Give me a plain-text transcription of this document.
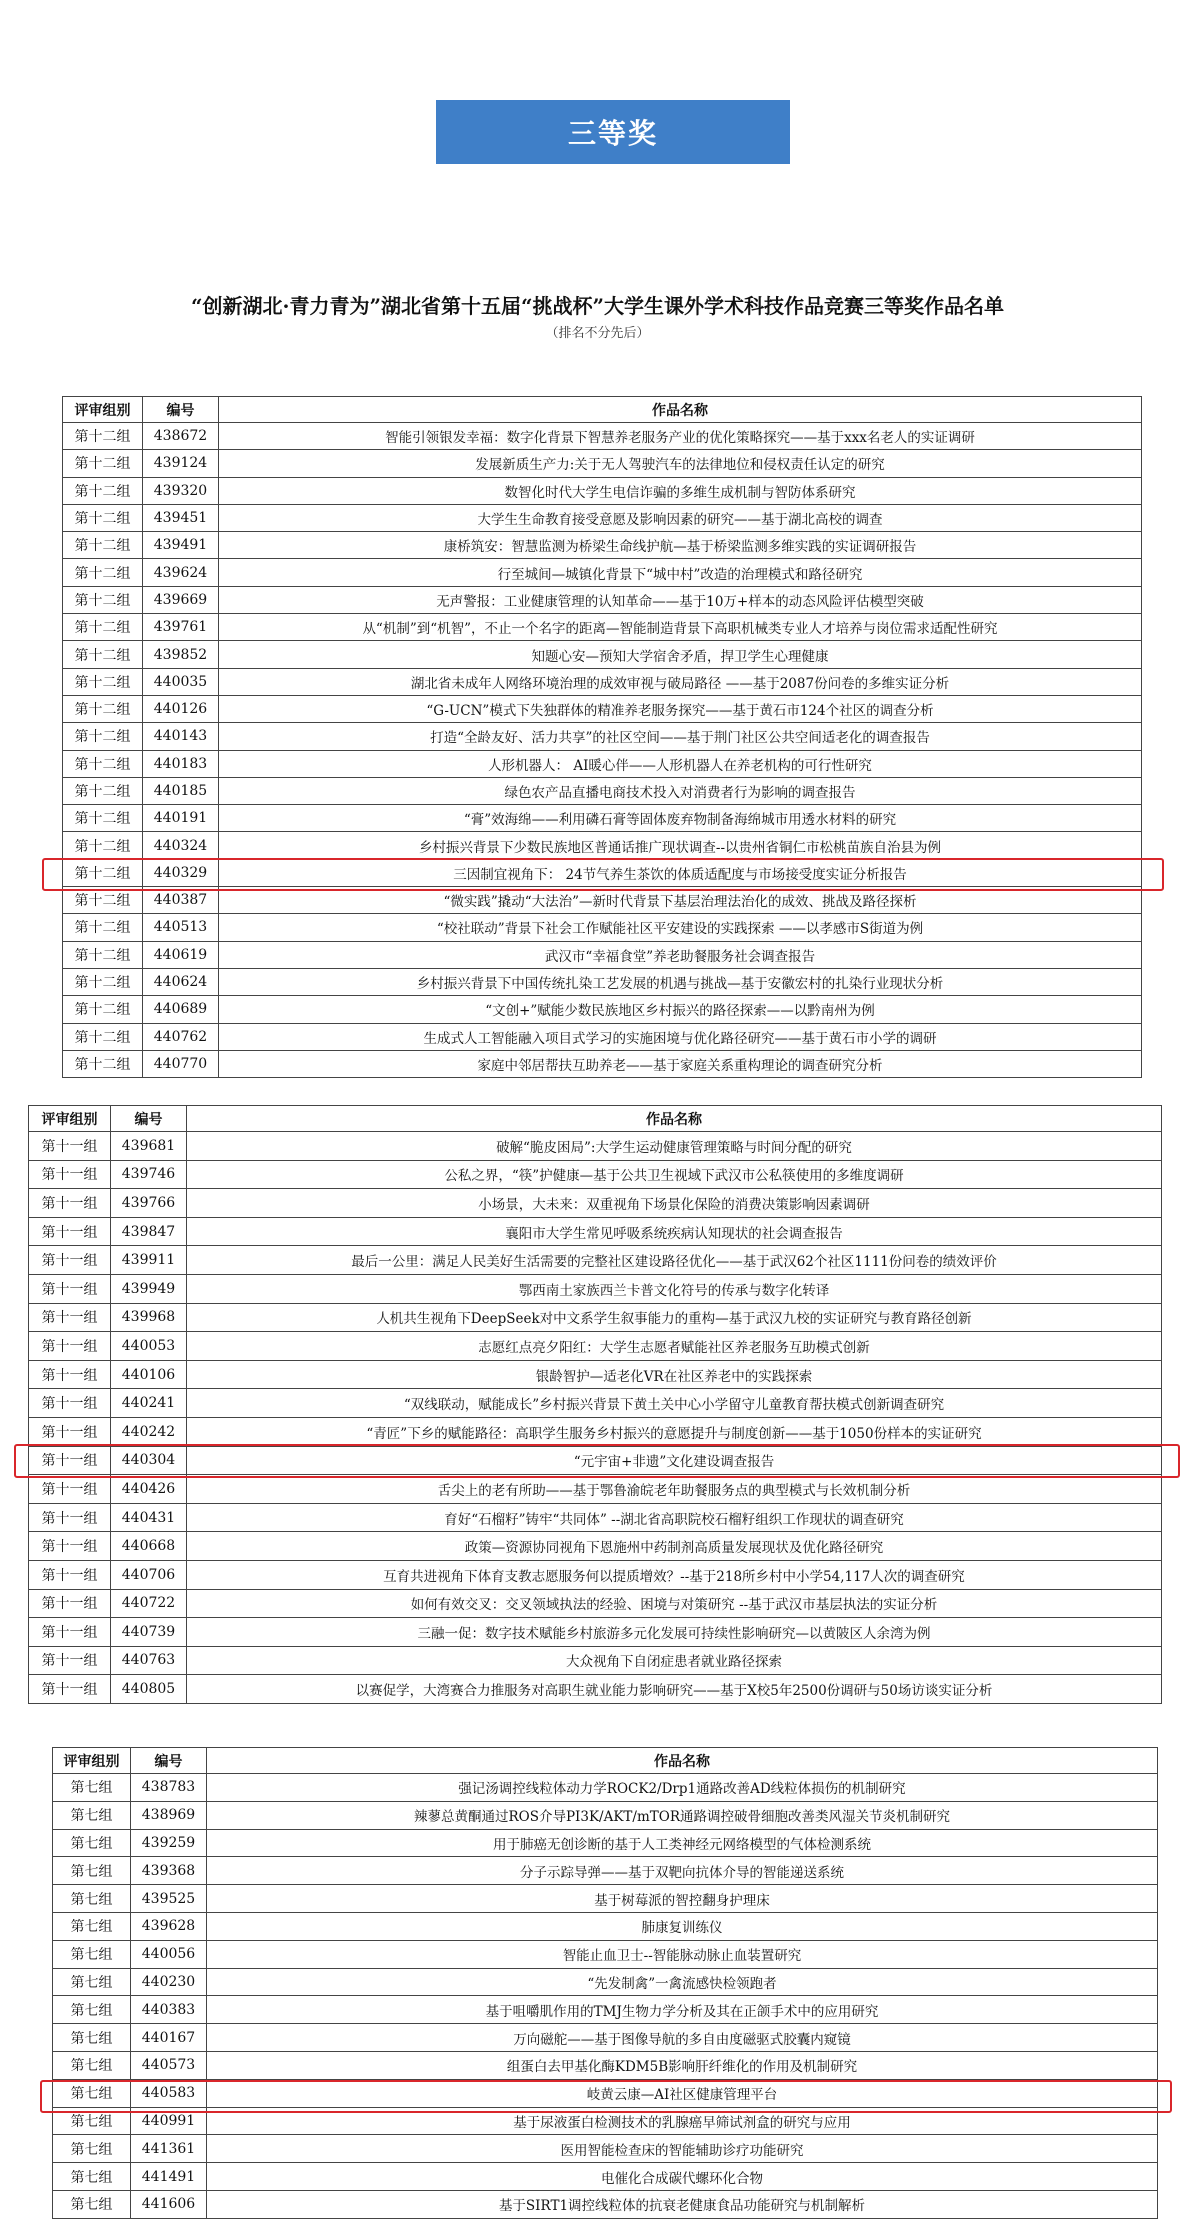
三等奖
“创新湖北·青力青为”湖北省第十五届“挑战杯”大学生课外学术科技作品竞赛三等奖作品名单
（排名不分先后）
评审组别	编号	作品名称
第十二组	438672	智能引领银发幸福：数字化背景下智慧养老服务产业的优化策略探究——基于xxx名老人的实证调研
第十二组	439124	发展新质生产力:关于无人驾驶汽车的法律地位和侵权责任认定的研究
第十二组	439320	数智化时代大学生电信诈骗的多维生成机制与智防体系研究
第十二组	439451	大学生生命教育接受意愿及影响因素的研究——基于湖北高校的调查
第十二组	439491	康桥筑安：智慧监测为桥梁生命线护航—基于桥梁监测多维实践的实证调研报告
第十二组	439624	行至城间—城镇化背景下“城中村”改造的治理模式和路径研究
第十二组	439669	无声警报：工业健康管理的认知革命——基于10万+样本的动态风险评估模型突破
第十二组	439761	从“机制”到“机智”，不止一个名字的距离—智能制造背景下高职机械类专业人才培养与岗位需求适配性研究
第十二组	439852	知题心安—预知大学宿舍矛盾，捍卫学生心理健康
第十二组	440035	湖北省未成年人网络环境治理的成效审视与破局路径 ——基于2087份问卷的多维实证分析
第十二组	440126	“G-UCN”模式下失独群体的精准养老服务探究——基于黄石市124个社区的调查分析
第十二组	440143	打造“全龄友好、活力共享”的社区空间——基于荆门社区公共空间适老化的调查报告
第十二组	440183	人形机器人： AI暖心伴——人形机器人在养老机构的可行性研究
第十二组	440185	绿色农产品直播电商技术投入对消费者行为影响的调查报告
第十二组	440191	“膏”效海绵——利用磷石膏等固体废弃物制备海绵城市用透水材料的研究
第十二组	440324	乡村振兴背景下少数民族地区普通话推广现状调查--以贵州省铜仁市松桃苗族自治县为例
第十二组	440329	三因制宜视角下： 24节气养生茶饮的体质适配度与市场接受度实证分析报告
第十二组	440387	“微实践”撬动“大法治”—新时代背景下基层治理法治化的成效、挑战及路径探析
第十二组	440513	“校社联动”背景下社会工作赋能社区平安建设的实践探索 ——以孝感市S街道为例
第十二组	440619	武汉市“幸福食堂”养老助餐服务社会调查报告
第十二组	440624	乡村振兴背景下中国传统扎染工艺发展的机遇与挑战—基于安徽宏村的扎染行业现状分析
第十二组	440689	“文创+”赋能少数民族地区乡村振兴的路径探索——以黔南州为例
第十二组	440762	生成式人工智能融入项目式学习的实施困境与优化路径研究——基于黄石市小学的调研
第十二组	440770	家庭中邻居帮扶互助养老——基于家庭关系重构理论的调查研究分析
评审组别	编号	作品名称
第十一组	439681	破解“脆皮困局”:大学生运动健康管理策略与时间分配的研究
第十一组	439746	公私之界，“筷”护健康—基于公共卫生视域下武汉市公私筷使用的多维度调研
第十一组	439766	小场景，大未来：双重视角下场景化保险的消费决策影响因素调研
第十一组	439847	襄阳市大学生常见呼吸系统疾病认知现状的社会调查报告
第十一组	439911	最后一公里：满足人民美好生活需要的完整社区建设路径优化——基于武汉62个社区1111份问卷的绩效评价
第十一组	439949	鄂西南土家族西兰卡普文化符号的传承与数字化转译
第十一组	439968	人机共生视角下DeepSeek对中文系学生叙事能力的重构—基于武汉九校的实证研究与教育路径创新
第十一组	440053	志愿红点亮夕阳红：大学生志愿者赋能社区养老服务互助模式创新
第十一组	440106	银龄智护—适老化VR在社区养老中的实践探索
第十一组	440241	“双线联动，赋能成长”乡村振兴背景下黄土关中心小学留守儿童教育帮扶模式创新调查研究
第十一组	440242	“青匠”下乡的赋能路径：高职学生服务乡村振兴的意愿提升与制度创新——基于1050份样本的实证研究
第十一组	440304	“元宇宙+非遗”文化建设调查报告
第十一组	440426	舌尖上的老有所助——基于鄂鲁渝皖老年助餐服务点的典型模式与长效机制分析
第十一组	440431	育好“石榴籽”铸牢“共同体” --湖北省高职院校石榴籽组织工作现状的调查研究
第十一组	440668	政策—资源协同视角下恩施州中药制剂高质量发展现状及优化路径研究
第十一组	440706	互育共进视角下体育支教志愿服务何以提质增效？--基于218所乡村中小学54,117人次的调查研究
第十一组	440722	如何有效交叉：交叉领域执法的经验、困境与对策研究 --基于武汉市基层执法的实证分析
第十一组	440739	三融一促：数字技术赋能乡村旅游多元化发展可持续性影响研究—以黄陂区人余湾为例
第十一组	440763	大众视角下自闭症患者就业路径探索
第十一组	440805	以赛促学，大湾赛合力推服务对高职生就业能力影响研究——基于X校5年2500份调研与50场访谈实证分析
评审组别	编号	作品名称
第七组	438783	强记汤调控线粒体动力学ROCK2/Drp1通路改善AD线粒体损伤的机制研究
第七组	438969	辣蓼总黄酮通过ROS介导PI3K/AKT/mTOR通路调控破骨细胞改善类风湿关节炎机制研究
第七组	439259	用于肺癌无创诊断的基于人工类神经元网络模型的气体检测系统
第七组	439368	分子示踪导弹——基于双靶向抗体介导的智能递送系统
第七组	439525	基于树莓派的智控翻身护理床
第七组	439628	肺康复训练仪
第七组	440056	智能止血卫士--智能脉动脉止血装置研究
第七组	440230	“先发制禽”一禽流感快检领跑者
第七组	440383	基于咀嚼肌作用的TMJ生物力学分析及其在正颌手术中的应用研究
第七组	440167	万向磁舵——基于图像导航的多自由度磁驱式胶囊内窥镜
第七组	440573	组蛋白去甲基化酶KDM5B影响肝纤维化的作用及机制研究
第七组	440583	岐黄云康—AI社区健康管理平台
第七组	440991	基于尿液蛋白检测技术的乳腺癌早筛试剂盒的研究与应用
第七组	441361	医用智能检查床的智能辅助诊疗功能研究
第七组	441491	电催化合成碳代螺环化合物
第七组	441606	基于SIRT1调控线粒体的抗衰老健康食品功能研究与机制解析
